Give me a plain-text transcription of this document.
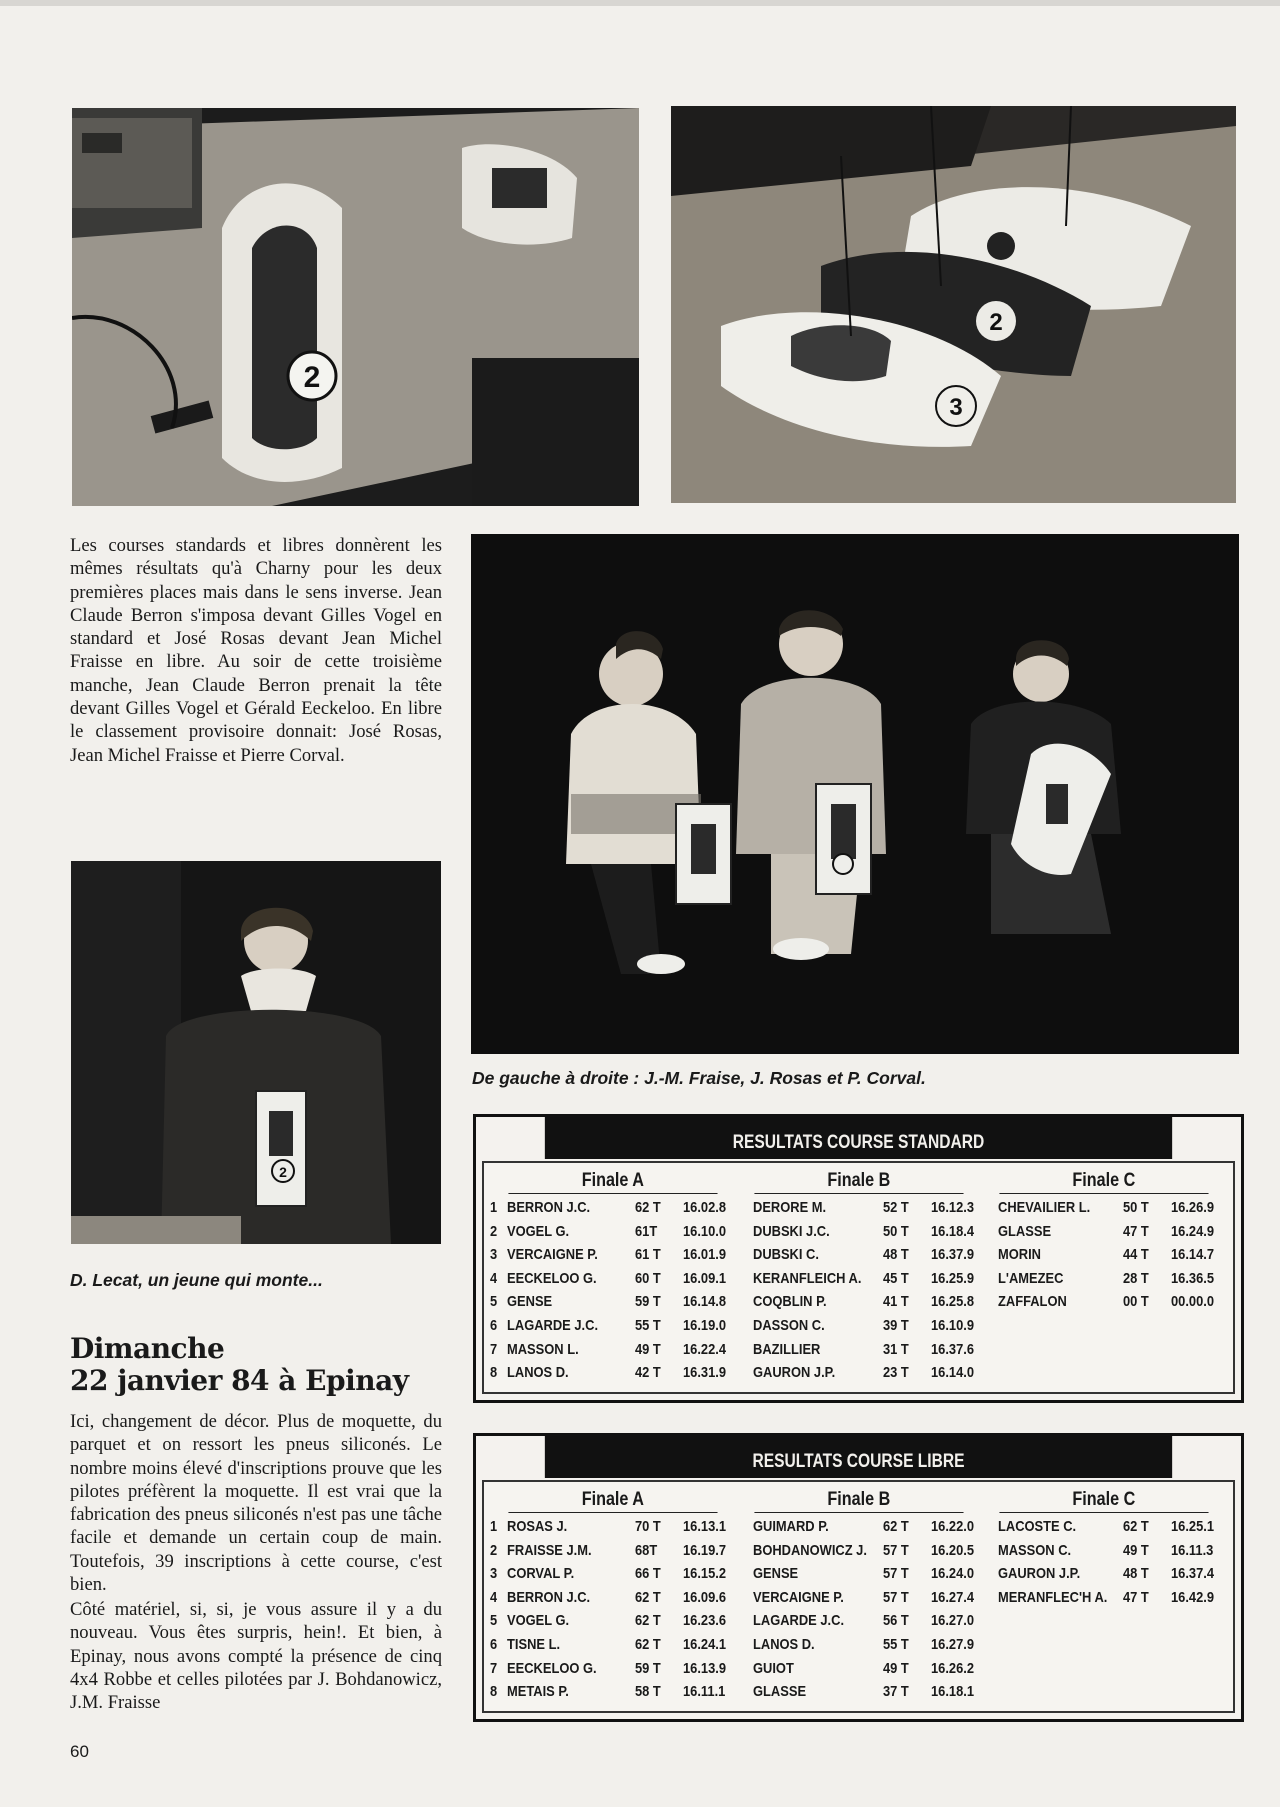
2
2
3
2

Les courses standards et libres donnèrent les mêmes résultats qu'à Charny pour les deux premières places mais dans le sens inverse. Jean Claude Berron s'imposa devant Gilles Vogel en standard et José Rosas devant Jean Michel Fraisse en libre. Au soir de cette troisième manche, Jean Claude Berron prenait la tête devant Gilles Vogel et Gérald Eeckeloo. En libre le classement provisoire donnait: José Rosas, Jean Michel Fraisse et Pierre Corval.

De gauche à droite : J.-M. Fraise, J. Rosas et P. Corval.

D. Lecat, un jeune qui monte...

Dimanche
22 janvier 84 à Epinay

Ici, changement de décor. Plus de moquette, du parquet et on ressort les pneus siliconés. Le nombre moins élevé d'inscriptions prouve que les pilotes préfèrent la moquette. Il est vrai que la fabrication des pneus siliconés n'est pas une tâche facile et demande un certain coup de main. Toutefois, 39 inscriptions à cette course, c'est bien.

Côté matériel, si, si, je vous assure il y a du nouveau. Vous êtes surpris, hein!. Et bien, à Epinay, nous avons compté la présence de cinq 4x4 Robbe et celles pilotées par J. Bohdanowicz, J.M. Fraisse

RESULTATS COURSE STANDARD
Finale A
1 BERRON J.C.	62 T	16.02.8
2 VOGEL G.	61T	16.10.0
3 VERCAIGNE P.	61 T	16.01.9
4 EECKELOO G.	60 T	16.09.1
5 GENSE	59 T	16.14.8
6 LAGARDE J.C.	55 T	16.19.0
7 MASSON L.	49 T	16.22.4
8 LANOS D.	42 T	16.31.9
Finale B
DERORE M.	52 T	16.12.3
DUBSKI J.C.	50 T	16.18.4
DUBSKI C.	48 T	16.37.9
KERANFLEICH A.	45 T	16.25.9
COQBLIN P.	41 T	16.25.8
DASSON C.	39 T	16.10.9
BAZILLIER	31 T	16.37.6
GAURON J.P.	23 T	16.14.0
Finale C
CHEVAILIER L.	50 T	16.26.9
GLASSE	47 T	16.24.9
MORIN	44 T	16.14.7
L'AMEZEC	28 T	16.36.5
ZAFFALON	00 T	00.00.0
RESULTATS COURSE LIBRE
Finale A
1 ROSAS J.	70 T	16.13.1
2 FRAISSE J.M.	68T	16.19.7
3 CORVAL P.	66 T	16.15.2
4 BERRON J.C.	62 T	16.09.6
5 VOGEL G.	62 T	16.23.6
6 TISNE L.	62 T	16.24.1
7 EECKELOO G.	59 T	16.13.9
8 METAIS P.	58 T	16.11.1
Finale B
GUIMARD P.	62 T	16.22.0
BOHDANOWICZ J.	57 T	16.20.5
GENSE	57 T	16.24.0
VERCAIGNE P.	57 T	16.27.4
LAGARDE J.C.	56 T	16.27.0
LANOS D.	55 T	16.27.9
GUIOT	49 T	16.26.2
GLASSE	37 T	16.18.1
Finale C
LACOSTE C.	62 T	16.25.1
MASSON C.	49 T	16.11.3
GAURON J.P.	48 T	16.37.4
MERANFLEC'H A.	47 T	16.42.9

60
